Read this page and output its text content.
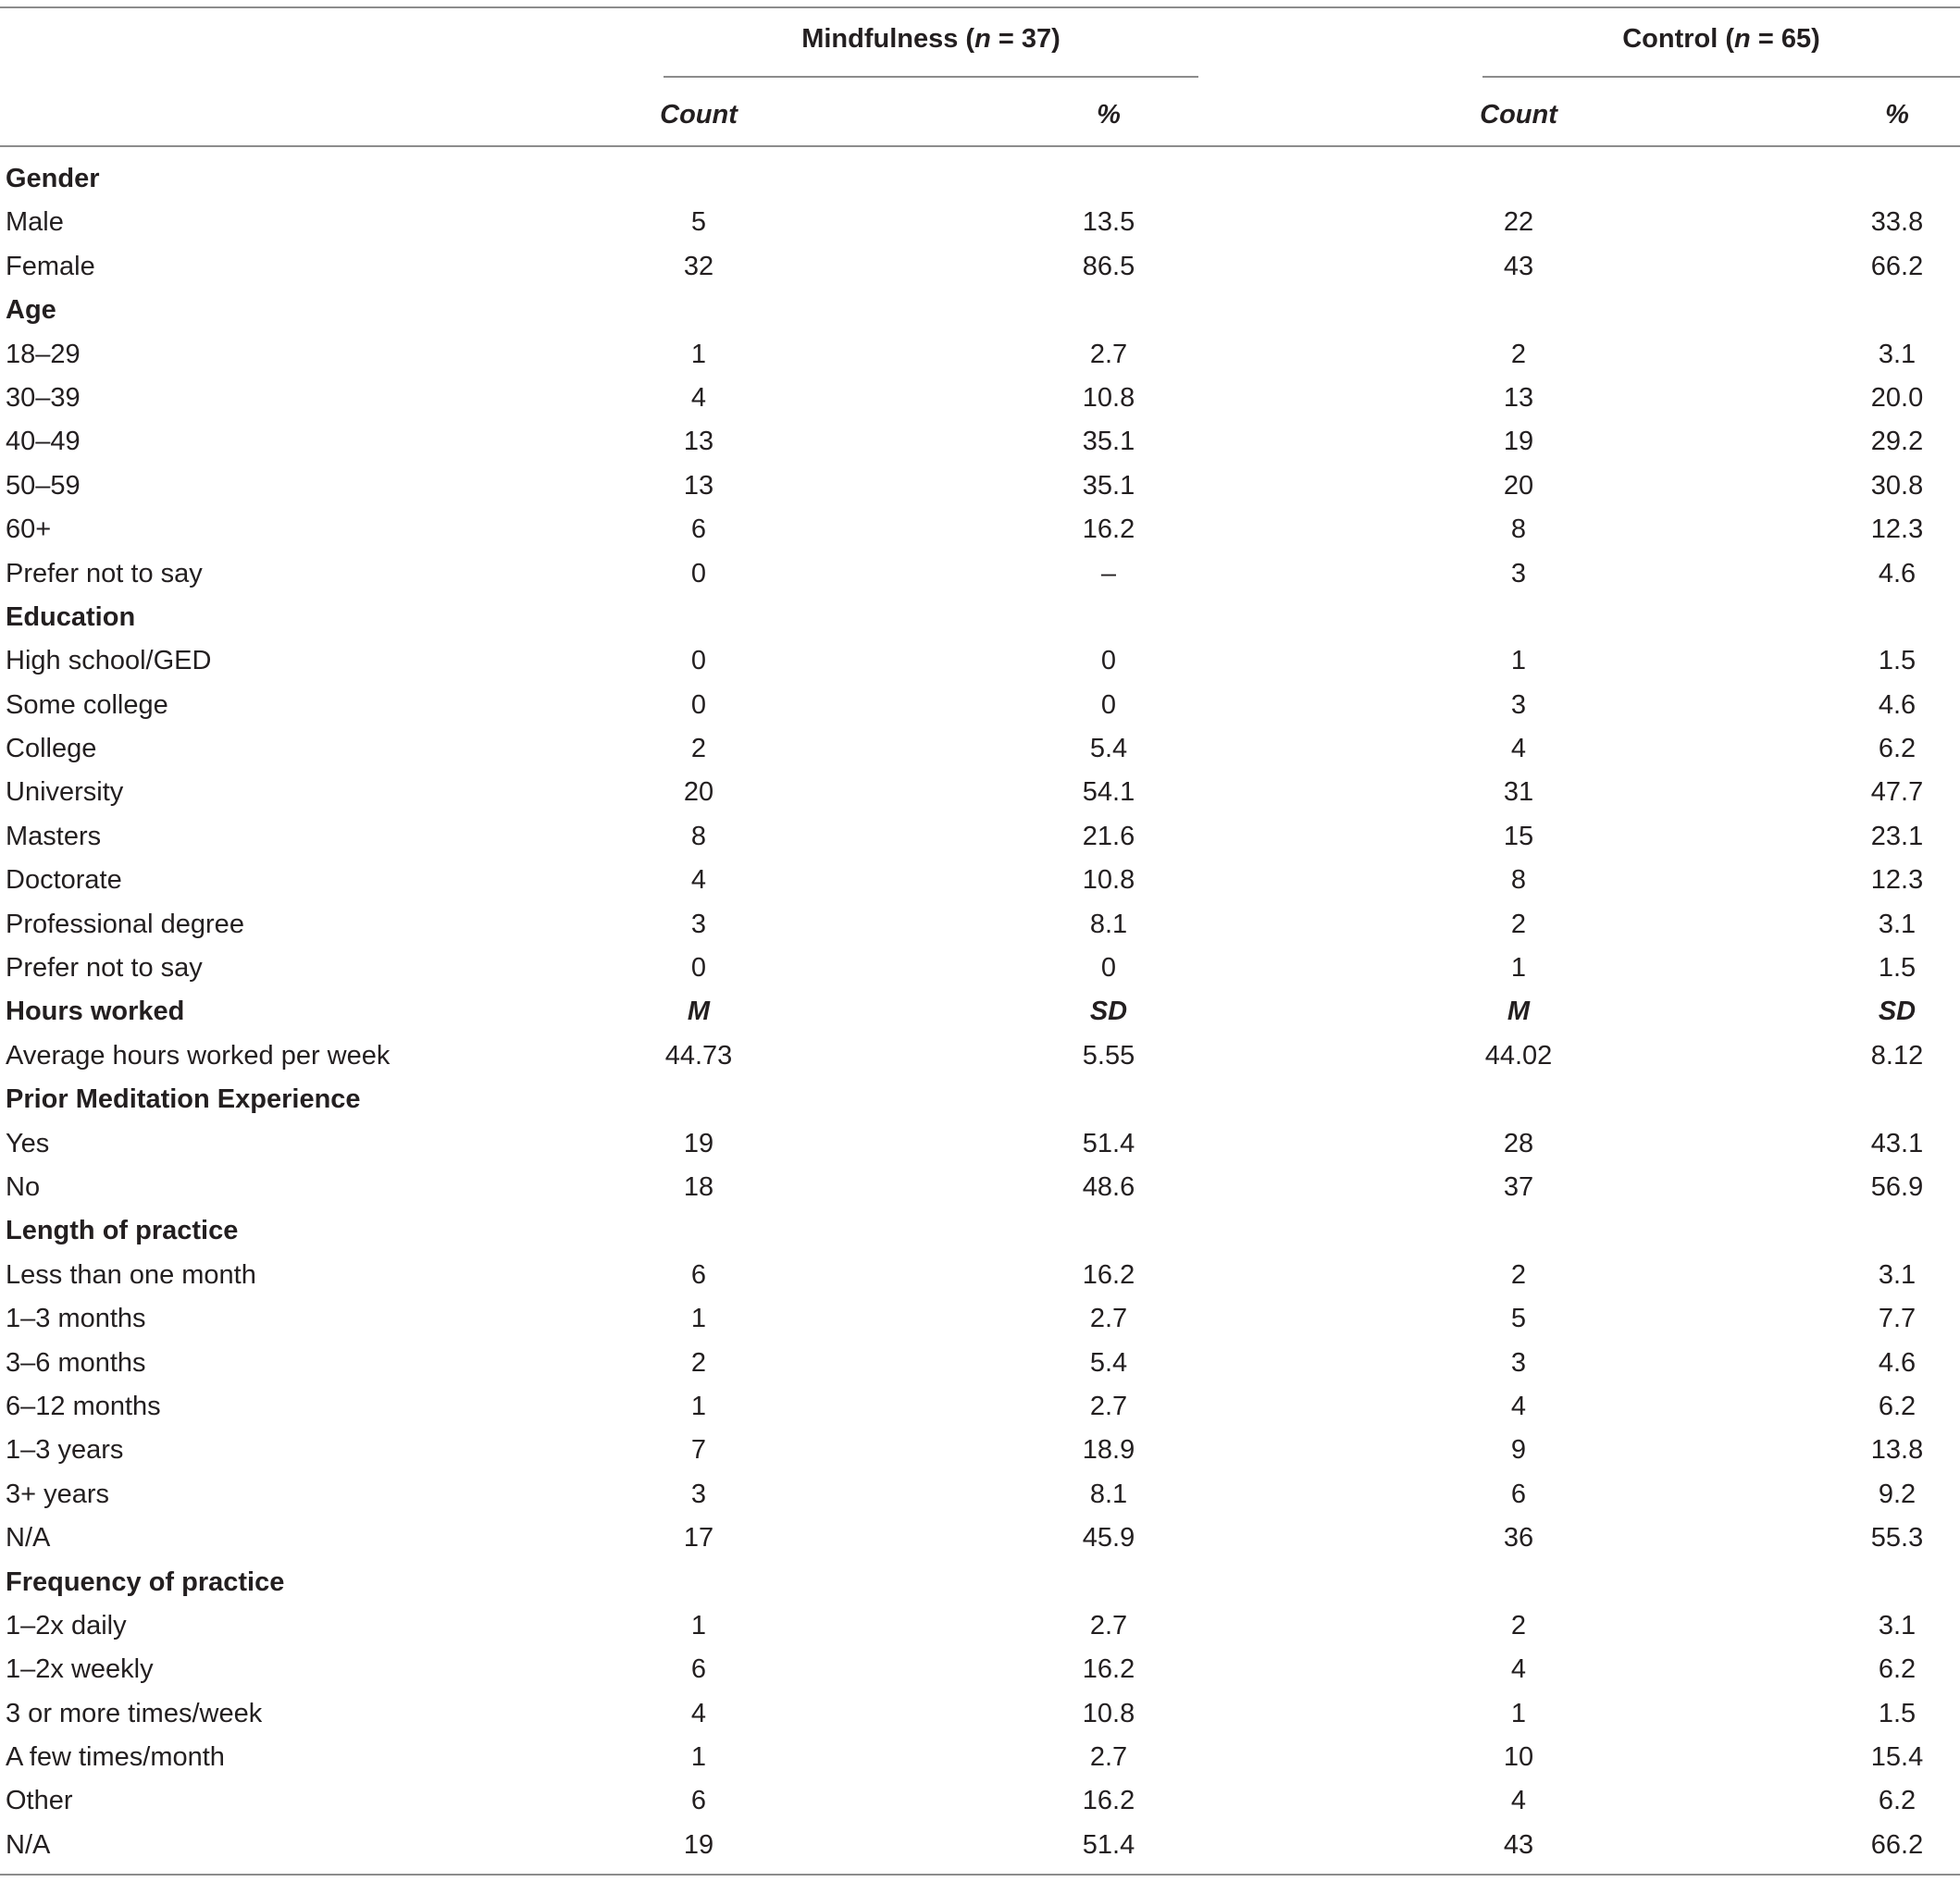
Mindfulness (n = 37)	Control (n = 65)
Count	%	Count	%
Gender
Male	5	13.5	22	33.8
Female	32	86.5	43	66.2
Age
18–29	1	2.7	2	3.1
30–39	4	10.8	13	20.0
40–49	13	35.1	19	29.2
50–59	13	35.1	20	30.8
60+	6	16.2	8	12.3
Prefer not to say	0	–	3	4.6
Education
High school/GED	0	0	1	1.5
Some college	0	0	3	4.6
College	2	5.4	4	6.2
University	20	54.1	31	47.7
Masters	8	21.6	15	23.1
Doctorate	4	10.8	8	12.3
Professional degree	3	8.1	2	3.1
Prefer not to say	0	0	1	1.5
Hours worked	M	SD	M	SD
Average hours worked per week	44.73	5.55	44.02	8.12
Prior Meditation Experience
Yes	19	51.4	28	43.1
No	18	48.6	37	56.9
Length of practice
Less than one month	6	16.2	2	3.1
1–3 months	1	2.7	5	7.7
3–6 months	2	5.4	3	4.6
6–12 months	1	2.7	4	6.2
1–3 years	7	18.9	9	13.8
3+ years	3	8.1	6	9.2
N/A	17	45.9	36	55.3
Frequency of practice
1–2x daily	1	2.7	2	3.1
1–2x weekly	6	16.2	4	6.2
3 or more times/week	4	10.8	1	1.5
A few times/month	1	2.7	10	15.4
Other	6	16.2	4	6.2
N/A	19	51.4	43	66.2
